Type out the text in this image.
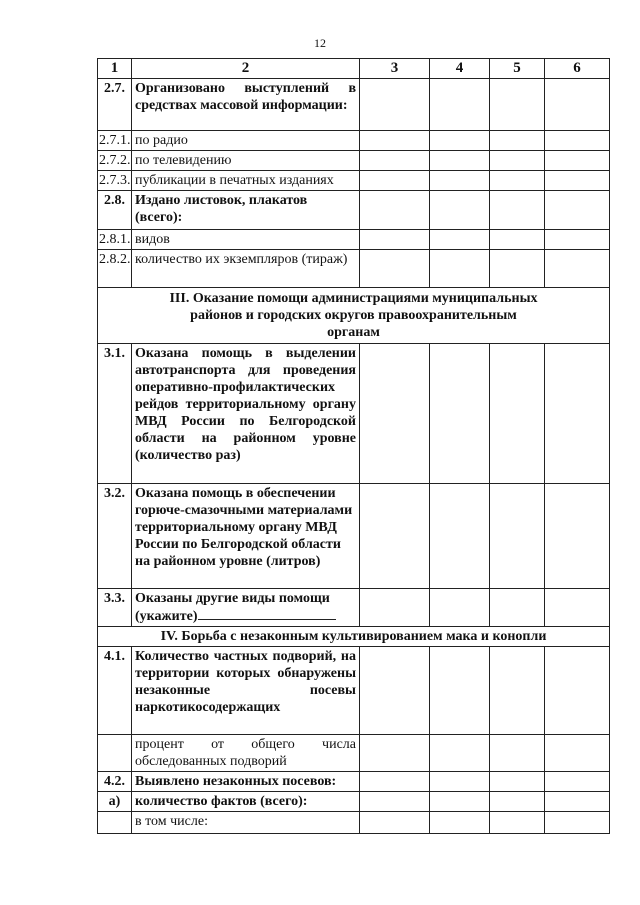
12
1	2	3	4	5	6
2.7.	Организовано выступлений в средствах массовой информации:				
2.7.1.	по радио				
2.7.2.	по телевидению				
2.7.3.	публикации в печатных изданиях				
2.8.	Издано листовок, плакатов (всего):				
2.8.1.	видов				
2.8.2.	количество их экземпляров (тираж)				
III. Оказание помощи администрациями муниципальных районов и городских округов правоохранительным органам					
3.1.	Оказана помощь в выделении автотранспорта для проведения оперативно-профилактических рейдов территориальному органу МВД России по Белгородской области на районном уровне (количество раз)				
3.2.	Оказана помощь в обеспечении горюче-смазочными материалами территориальному органу МВД России по Белгородской области на районном уровне (литров)				
3.3.	Оказаны другие виды помощи (укажите)				
IV. Борьба с незаконным культивированием мака и конопли					
4.1.	Количество частных подворий, на территории которых обнаружены незаконные посевы наркотикосодержащих				
	процент от общего числа обследованных подворий				
4.2.	Выявлено незаконных посевов:				
а)	количество фактов (всего):				
	в том числе:				
